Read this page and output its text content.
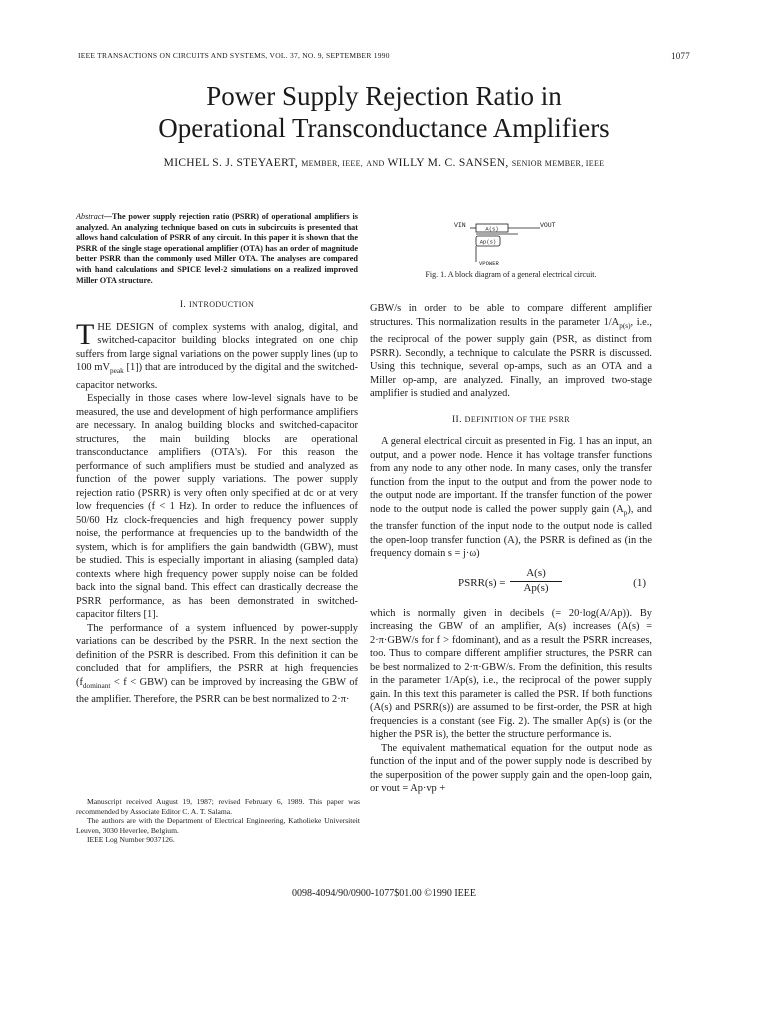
IEEE TRANSACTIONS ON CIRCUITS AND SYSTEMS, VOL. 37, NO. 9, SEPTEMBER 1990	1077
Power Supply Rejection Ratio in
Operational Transconductance Amplifiers
MICHEL S. J. STEYAERT, MEMBER, IEEE, AND WILLY M. C. SANSEN, SENIOR MEMBER, IEEE

Abstract—The power supply rejection ratio (PSRR) of operational amplifiers is analyzed. An analyzing technique based on cuts in subcircuits is presented that allows hand calculation of PSRR of any circuit. In this paper it is shown that the PSRR of the single stage operational amplifier (OTA) has an order of magnitude better PSRR than the commonly used Miller OTA. The analyses are compared with hand calculations and SPICE level-2 simulations on a realized improved Miller OTA structure.

I. INTRODUCTION

THE DESIGN of complex systems with analog, digital, and switched-capacitor building blocks integrated on one chip suffers from large signal variations on the power supply lines (up to 100 $mV_{peak}$ [1]) that are introduced by the digital and the switched-capacitor networks.

Especially in those cases where low-level signals have to be measured, the use and development of high performance amplifiers are necessary. In analog building blocks and switched-capacitor structures, the main building blocks are operational transconductance amplifiers (OTA's). For this reason the performance of such amplifiers must be studied and analyzed as function of the power supply variations. The power supply rejection ratio (PSRR) is very often only specified at dc or at very low frequencies (f < 1 Hz). In order to reduce the influences of 50/60 Hz clock-frequencies and high frequency power supply noise, the performance at frequencies up to the bandwidth of the system, which is for amplifiers the gain bandwidth (GBW), must be studied. This is especially important in aliasing (sampled data) contexts where high frequency power supply noise can be folded back into the signal band. This effect can drastically decrease the PSRR performance, as has been demonstrated in switched-capacitor filters [1].

The performance of a system influenced by power-supply variations can be described by the PSRR. In the next section the definition of the PSRR is described. From this definition it can be concluded that for amplifiers, the PSRR at high frequencies $(f_{dominant} < f < GBW)$ can be improved by increasing the GBW of the amplifier. Therefore, the PSRR can be best normalized to 2·π·

Manuscript received August 19, 1987; revised February 6, 1989. This paper was recommended by Associate Editor C. A. T. Salama.

The authors are with the Department of Electrical Engineering, Katholieke Universiteit Leuven, 3030 Heverlee, Belgium.

IEEE Log Number 9037126.

VIN	A(s)	VOUT
Ap(s)
VPOWER
Fig. 1. A block diagram of a general electrical circuit.

GBW/s in order to be able to compare different amplifier structures. This normalization results in the parameter $1/A_{p(s)}$, i.e., the reciprocal of the power supply gain (PSR, as distinct from PSRR). Secondly, a technique to calculate the PSRR is discussed. Using this technique, several op-amps, such as an OTA and a Miller op-amp, are analyzed. Finally, an improved two-stage amplifier is studied and analyzed.

II. DEFINITION OF THE PSRR

A general electrical circuit as presented in Fig. 1 has an input, an output, and a power node. Hence it has voltage transfer functions from any node to any other node. In many cases, only the transfer function from the input to the output and from the power node to the output node are important. If the transfer function of the power node to the output node is called the power supply gain $(A_p)$, and the transfer function of the input node to the output node is called the open-loop transfer function (A), the PSRR is defined as (in the frequency domain s = j·ω)

PSRR(s) = $\frac{A(s)}{Ap(s)}$	(1)

which is normally given in decibels (= 20·log(A/Ap)). By increasing the GBW of an amplifier, A(s) increases (A(s) = 2·π·GBW/s for f > fdominant), and as a result the PSRR increases, too. Thus to compare different amplifier structures, the PSRR can be best normalized to 2·π·GBW/s. From the definition, this results in the parameter 1/Ap(s), i.e., the reciprocal of the power supply gain. In this text this parameter is called the PSR. If both functions (A(s) and PSRR(s)) are assumed to be first-order, the PSR at high frequencies is a constant (see Fig. 2). The smaller Ap(s) is (or the higher the PSR is), the better the structure performance is.

The equivalent mathematical equation for the output node as function of the input and of the power supply node is described by the superposition of the power supply gain and the open-loop gain, or vout = Ap·vp +

0098-4094/90/0900-1077$01.00 ©1990 IEEE
